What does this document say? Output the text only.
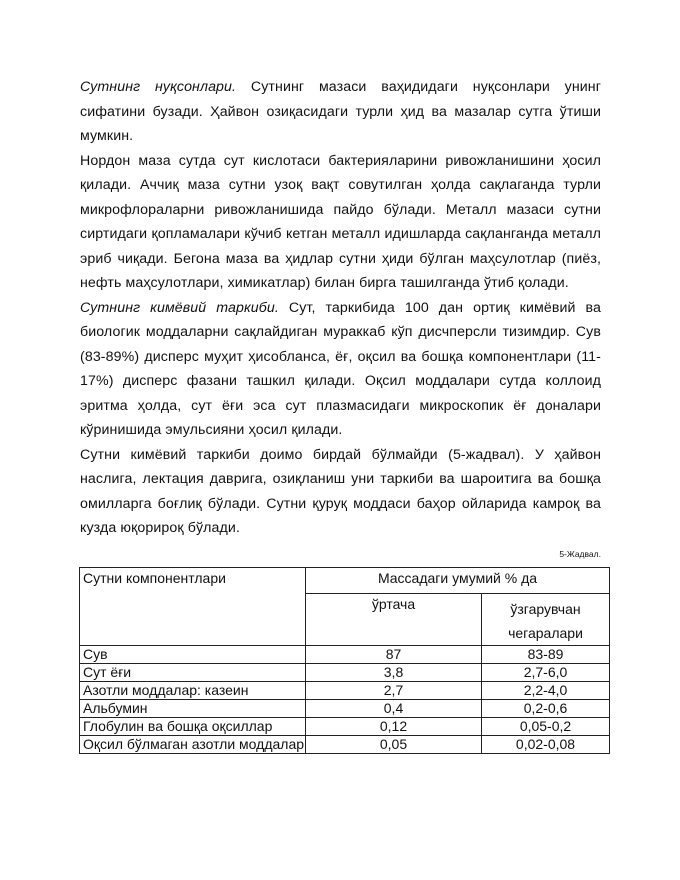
Сутнинг нуқсонлари. Сутнинг мазаси ваҳидидаги нуқсонлари унинг сифатини бузади. Ҳайвон озиқасидаги турли ҳид ва мазалар сутга ўтиши мумкин.

Нордон маза сутда сут кислотаси бактерияларини ривожланишини ҳосил қилади. Аччиқ маза сутни узоқ вақт совутилган ҳолда сақлаганда турли микрофлораларни ривожланишида пайдо бўлади. Металл мазаси сутни сиртидаги қопламалари кўчиб кетган металл идишларда сақланганда металл эриб чиқади. Бегона маза ва ҳидлар сутни ҳиди бўлган маҳсулотлар (пиёз, нефть маҳсулотлари, химикатлар) билан бирга ташилганда ўтиб қолади.

Сутнинг кимёвий таркиби. Сут, таркибида 100 дан ортиқ кимёвий ва биологик моддаларни сақлайдиган мураккаб кўп дисчперсли тизимдир. Сув (83-89%) дисперс муҳит ҳисобланса, ёғ, оқсил ва бошқа компонентлари (11-17%) дисперс фазани ташкил қилади. Оқсил моддалари сутда коллоид эритма ҳолда, сут ёғи эса сут плазмасидаги микроскопик ёғ доналари кўринишида эмульсияни ҳосил қилади.

Сутни кимёвий таркиби доимо бирдай бўлмайди (5-жадвал). У ҳайвон наслига, лектация даврига, озиқланиш уни таркиби ва шароитига ва бошқа омилларга боғлиқ бўлади. Сутни қуруқ моддаси баҳор ойларида камроқ ва кузда юқорироқ бўлади.

5-Жадвал.
Сутни компонентлари	Массадаги умумий % да	
	ўртача	ўзгарувчан чегаралари
Сув	87	83-89
Сут ёғи	3,8	2,7-6,0
Азотли моддалар: казеин	2,7	2,2-4,0
Альбумин	0,4	0,2-0,6
Глобулин ва бошқа оқсиллар	0,12	0,05-0,2
Оқсил бўлмаган азотли моддалар	0,05	0,02-0,08
